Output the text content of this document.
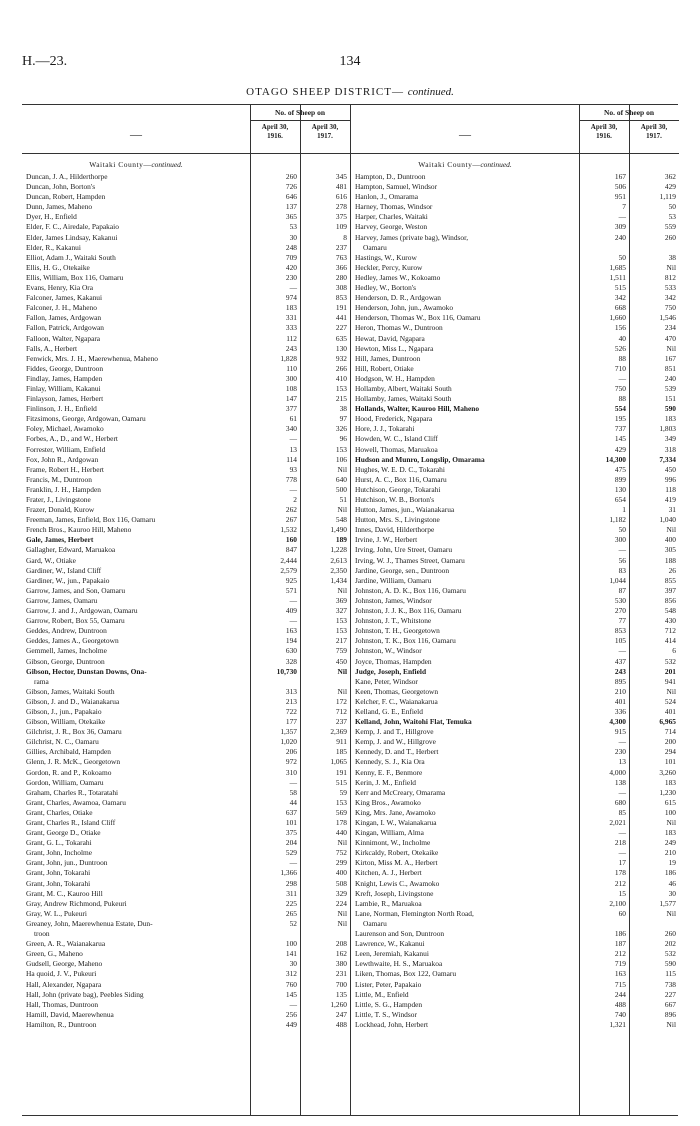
H.—23.	134
OTAGO SHEEP DISTRICT— continued.
—
No. of Sheep on
April 30,
1916.
April 30,
1917.
Waitaki County—continued.
Duncan, J. A., Hilderthorpe	260	345
Duncan, John, Borton's	726	481
Duncan, Robert, Hampden	646	616
Dunn, James, Maheno	137	278
Dyer, H., Enfield	365	375
Elder, F. C., Airedale, Papakaio	53	109
Elder, James Lindsay, Kakanui	30	8
Elder, R., Kakanui	248	237
Elliot, Adam J., Waitaki South	709	763
Ellis, H. G., Otekaike	420	366
Ellis, William, Box 116, Oamaru	230	280
Evans, Henry, Kia Ora	—	308
Falconer, James, Kakanui	974	853
Falconer, J. H., Maheno	183	191
Fallon, James, Ardgowan	331	441
Fallon, Patrick, Ardgowan	333	227
Falloon, Walter, Ngapara	112	635
Falls, A., Herbert	243	130
Fenwick, Mrs. J. H., Maerewhenua, Maheno	1,828	932
Fiddes, George, Duntroon	110	266
Findlay, James, Hampden	300	410
Finlay, William, Kakanui	108	153
Finlayson, James, Herbert	147	215
Finlinson, J. H., Enfield	377	38
Fitzsimons, George, Ardgowan, Oamaru	61	97
Foley, Michael, Awamoko	340	326
Forbes, A., D., and W., Herbert	—	96
Forrester, William, Enfield	13	153
Fox, John R., Ardgowan	114	106
Frame, Robert H., Herbert	93	Nil
Francis, M., Duntroon	778	640
Franklin, J. H., Hampden	—	500
Frater, J., Livingstone	2	51
Frazer, Donald, Kurow	262	Nil
Freeman, James, Enfield, Box 116, Oamaru	267	548
French Bros., Kauroo Hill, Maheno	1,532	1,490
Gale, James, Herbert	160	189
Gallagher, Edward, Maruakoa	847	1,228
Gard, W., Otiake	2,444	2,613
Gardiner, W., Island Cliff	2,579	2,350
Gardiner, W., jun., Papakaio	925	1,434
Garrow, James, and Son, Oamaru	571	Nil
Garrow, James, Oamaru	—	369
Garrow, J. and J., Ardgowan, Oamaru	409	327
Garrow, Robert, Box 55, Oamaru	—	153
Geddes, Andrew, Duntroon	163	153
Geddes, James A., Georgetown	194	217
Gemmell, James, Incholme	630	759
Gibson, George, Duntroon	328	450
Gibson, Hector, Dunstan Downs, Ona-	10,730	Nil
rama
Gibson, James, Waitaki South	313	Nil
Gibson, J. and D., Waianakarua	213	172
Gibson, J., jun., Papakaio	722	712
Gibson, William, Otekaike	177	237
Gilchrist, J. R., Box 36, Oamaru	1,357	2,369
Gilchrist, N. C., Oamaru	1,020	911
Gillies, Archibald, Hampden	206	185
Glenn, J. R. McK., Georgetown	972	1,065
Gordon, R. and P., Kokoamo	310	191
Gordon, William, Oamaru	—	515
Graham, Charles R., Totaratahi	58	59
Grant, Charles, Awamoa, Oamaru	44	153
Grant, Charles, Otiake	637	569
Grant, Charles R., Island Cliff	101	178
Grant, George D., Otiake	375	440
Grant, G. L., Tokarahi	204	Nil
Grant, John, Incholme	529	752
Grant, John, jun., Duntroon	—	299
Grant, John, Tokarahi	1,366	400
Grant, John, Tokarahi	298	508
Grant, M. C., Kauroo Hill	311	329
Gray, Andrew Richmond, Pukeuri	225	224
Gray, W. L., Pukeuri	265	Nil
Greaney, John, Maerewhenua Estate, Dun-	52	Nil
troon
Green, A. R., Waianakarua	100	208
Green, G., Maheno	141	162
Gudsell, George, Maheno	30	380
Ha quoid, J. V., Pukeuri	312	231
Hall, Alexander, Ngapara	760	700
Hall, John (private bag), Peebles Siding	145	135
Hall, Thomas, Duntroon	—	1,260
Hamill, David, Maerewhenua	256	247
Hamilton, R., Duntroon	449	488
—
No. of Sheep on
April 30,
1916.
April 30,
1917.
Waitaki County—continued.
Hampton, D., Duntroon	167	362
Hampton, Samuel, Windsor	506	429
Hanlon, J., Omarama	951	1,119
Harney, Thomas, Windsor	7	50
Harper, Charles, Waitaki	—	53
Harvey, George, Weston	309	559
Harvey, James (private bag), Windsor,	240	260
Oamaru
Hastings, W., Kurow	50	38
Heckler, Percy, Kurow	1,685	Nil
Hedley, James W., Kokoamo	1,511	812
Hedley, W., Borton's	515	533
Henderson, D. R., Ardgowan	342	342
Henderson, John, jun., Awamoko	668	750
Henderson, Thomas W., Box 116, Oamaru	1,660	1,546
Heron, Thomas W., Duntroon	156	234
Hewat, David, Ngapara	40	470
Hewton, Miss L., Ngapara	526	Nil
Hill, James, Duntroon	88	167
Hill, Robert, Otiake	710	851
Hodgson, W. H., Hampden	—	240
Hollamby, Albert, Waitaki South	750	539
Hollamby, James, Waitaki South	88	151
Hollands, Walter, Kauroo Hill, Maheno	554	590
Hood, Frederick, Ngapara	195	183
Hore, J. J., Tokarahi	737	1,803
Howden, W. C., Island Cliff	145	349
Howell, Thomas, Maruakoa	429	318
Hudson and Munro, Longslip, Omarama	14,300	7,334
Hughes, W. E. D. C., Tokarahi	475	450
Hurst, A. C., Box 116, Oamaru	899	996
Hutchison, George, Tokarahi	130	118
Hutchison, W. B., Borton's	654	419
Hutton, James, jun., Waianakarua	1	31
Hutton, Mrs. S., Livingstone	1,182	1,040
Innes, David, Hilderthorpe	50	Nil
Irvine, J. W., Herbert	300	400
Irving, John, Ure Street, Oamaru	—	305
Irving, W. J., Thames Street, Oamaru	56	188
Jardine, George, sen., Duntroon	83	26
Jardine, William, Oamaru	1,044	855
Johnston, A. D. K., Box 116, Oamaru	87	397
Johnston, James, Windsor	530	856
Johnston, J. J. K., Box 116, Oamaru	270	548
Johnston, J. T., Whitstone	77	430
Johnston, T. H., Georgetown	853	712
Johnston, T. K., Box 116, Oamaru	105	414
Johnston, W., Windsor	—	6
Joyce, Thomas, Hampden	437	532
Judge, Joseph, Enfield	243	201
Kane, Peter, Windsor	895	941
Keen, Thomas, Georgetown	210	Nil
Kelcher, F. C., Waianakarua	401	524
Kelland, G. E., Enfield	336	401
Kelland, John, Waitohi Flat, Temuka	4,300	6,965
Kemp, J. and T., Hillgrove	915	714
Kemp, J. and W., Hillgrove	—	200
Kennedy, D. and T., Herbert	230	294
Kennedy, S. J., Kia Ora	13	101
Kenny, E. F., Benmore	4,000	3,260
Kerin, J. M., Enfield	138	183
Kerr and McCreary, Omarama	—	1,230
King Bros., Awamoko	680	615
King, Mrs. Jane, Awamoko	85	100
Kingan, I. W., Waianakarua	2,021	Nil
Kingan, William, Alma	—	183
Kinnimont, W., Incholme	218	249
Kirkcaldy, Robert, Otekaike	—	210
Kirton, Miss M. A., Herbert	17	19
Kitchen, A. J., Herbert	178	186
Knight, Lewis C., Awamoko	212	46
Kreft, Joseph, Livingstone	15	30
Lambie, R., Maruakoa	2,100	1,577
Lane, Norman, Flemington North Road,	60	Nil
Oamaru
Laurenson and Son, Duntroon	186	260
Lawrence, W., Kakanui	187	202
Leen, Jeremiah, Kakanui	212	532
Lewthwaite, H. S., Maruakoa	719	590
Liken, Thomas, Box 122, Oamaru	163	115
Lister, Peter, Papakaio	715	738
Little, M., Enfield	244	227
Little, S. G., Hampden	488	667
Little, T. S., Windsor	740	896
Lockhead, John, Herbert	1,321	Nil
